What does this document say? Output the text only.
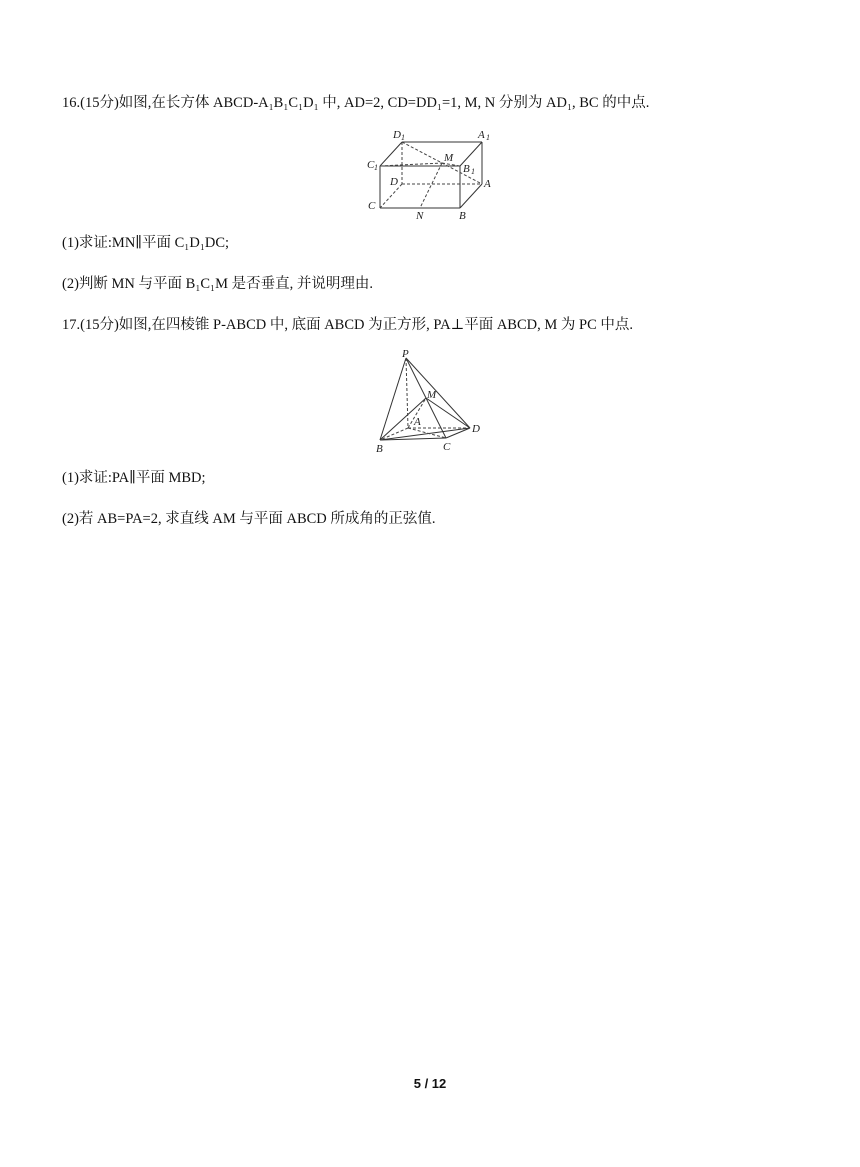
16.(15分)如图,在长方体 ABCD-A₁B₁C₁D₁ 中, AD=2, CD=DD₁=1, M, N 分别为 AD₁, BC 的中点.
D 1	A 1
C 1	B 1
M
D	A
C
N	B
(1)求证:MN∥平面 C₁D₁DC;
(2)判断 MN 与平面 B₁C₁M 是否垂直, 并说明理由.
17.(15分)如图,在四棱锥 P-ABCD 中, 底面 ABCD 为正方形, PA⊥平面 ABCD, M 为 PC 中点.
P
M
A
D
B	C
(1)求证:PA∥平面 MBD;
(2)若 AB=PA=2, 求直线 AM 与平面 ABCD 所成角的正弦值.
5 / 12
